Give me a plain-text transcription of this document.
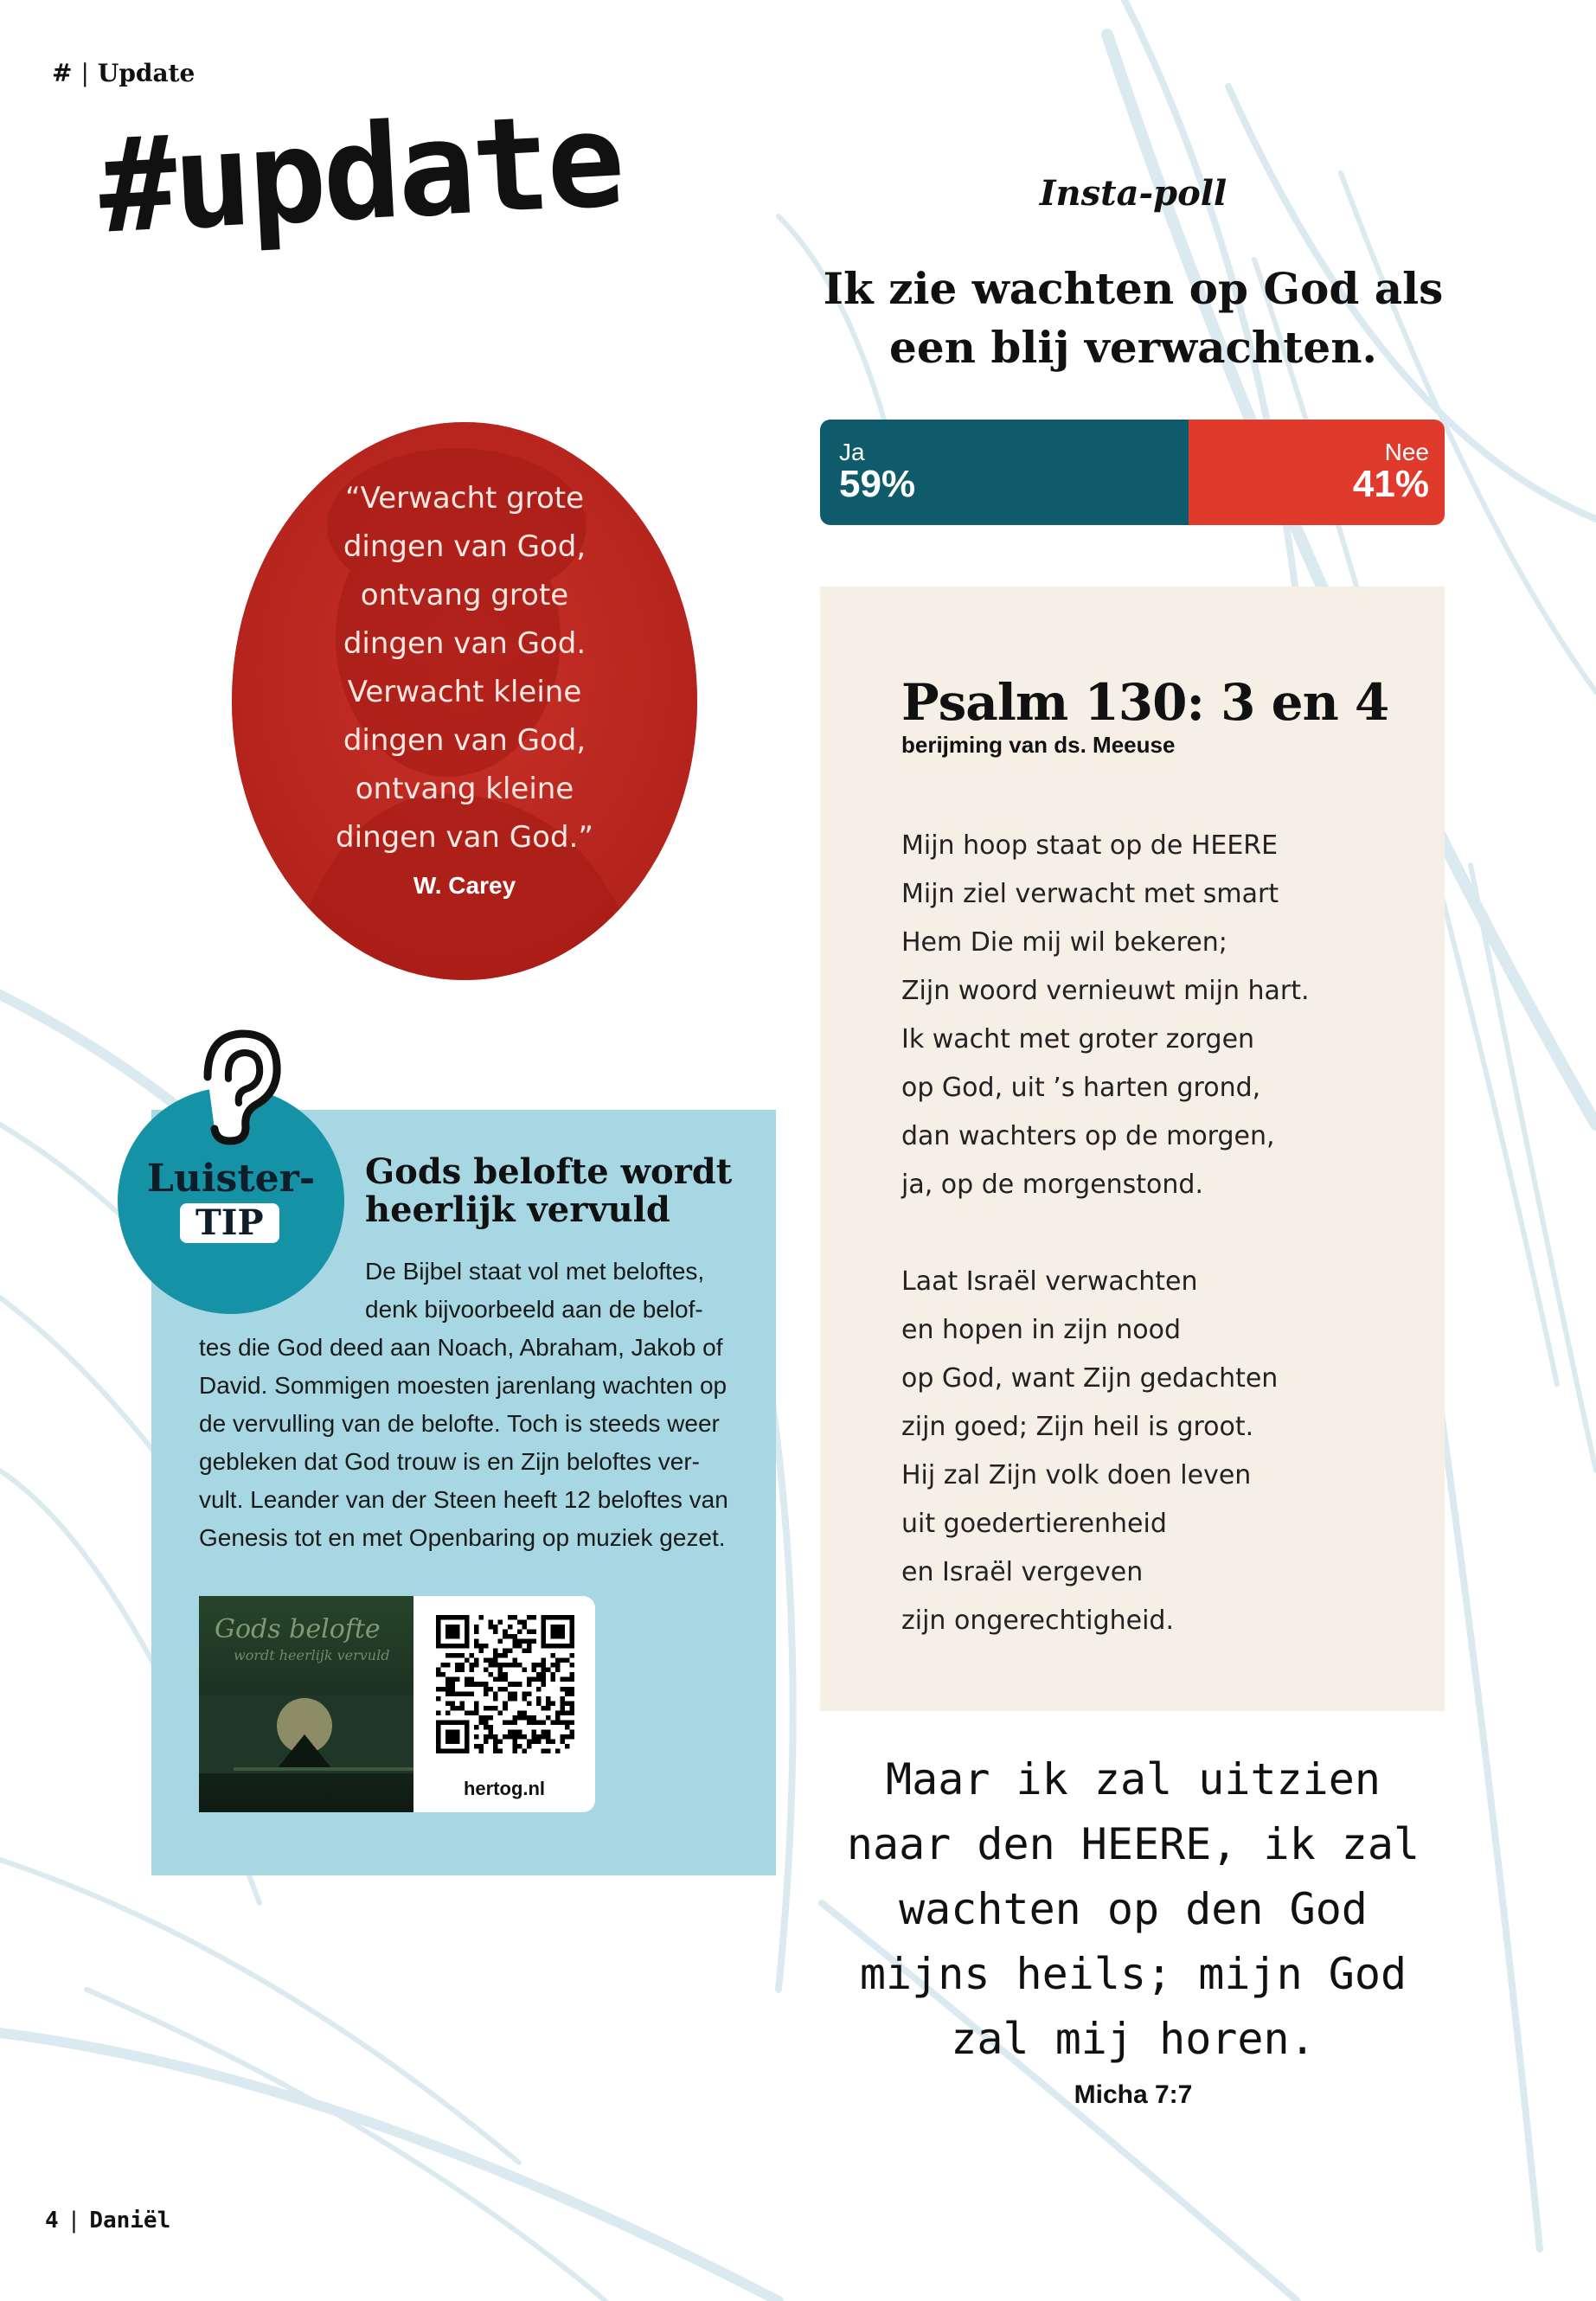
# | Update
#update	Insta-poll
Ik zie wachten op God als een blij verwachten.
Ja
59%
Nee
41%
“Verwacht grote
dingen van God,
ontvang grote
dingen van God.
Verwacht kleine
dingen van God,
ontvang kleine
dingen van God.”
W. Carey
Psalm 130: 3 en 4
berijming van ds. Meeuse
Mijn hoop staat op de HEERE
Mijn ziel verwacht met smart
Hem Die mij wil bekeren;
Zijn woord vernieuwt mijn hart.
Ik wacht met groter zorgen
op God, uit ’s harten grond,
dan wachters op de morgen,
ja, op de morgenstond.
Laat Israël verwachten
en hopen in zijn nood
op God, want Zijn gedachten
zijn goed; Zijn heil is groot.
Hij zal Zijn volk doen leven
uit goedertierenheid
en Israël vergeven
zijn ongerechtigheid.
Luister-
TIP
Gods belofte wordt heerlijk vervuld
De Bijbel staat vol met beloftes,
denk bijvoorbeeld aan de belof-
tes die God deed aan Noach, Abraham, Jakob of
David. Sommigen moesten jarenlang wachten op
de vervulling van de belofte. Toch is steeds weer
gebleken dat God trouw is en Zijn beloftes ver-
vult. Leander van der Steen heeft 12 beloftes van
Genesis tot en met Openbaring op muziek gezet.
Gods belofte
wordt heerlijk vervuld
hertog.nl	Maar ik zal uitzien
naar den HEERE, ik zal
wachten op den God
mijns heils; mijn God
zal mij horen.
Micha 7:7
4 | Daniël
